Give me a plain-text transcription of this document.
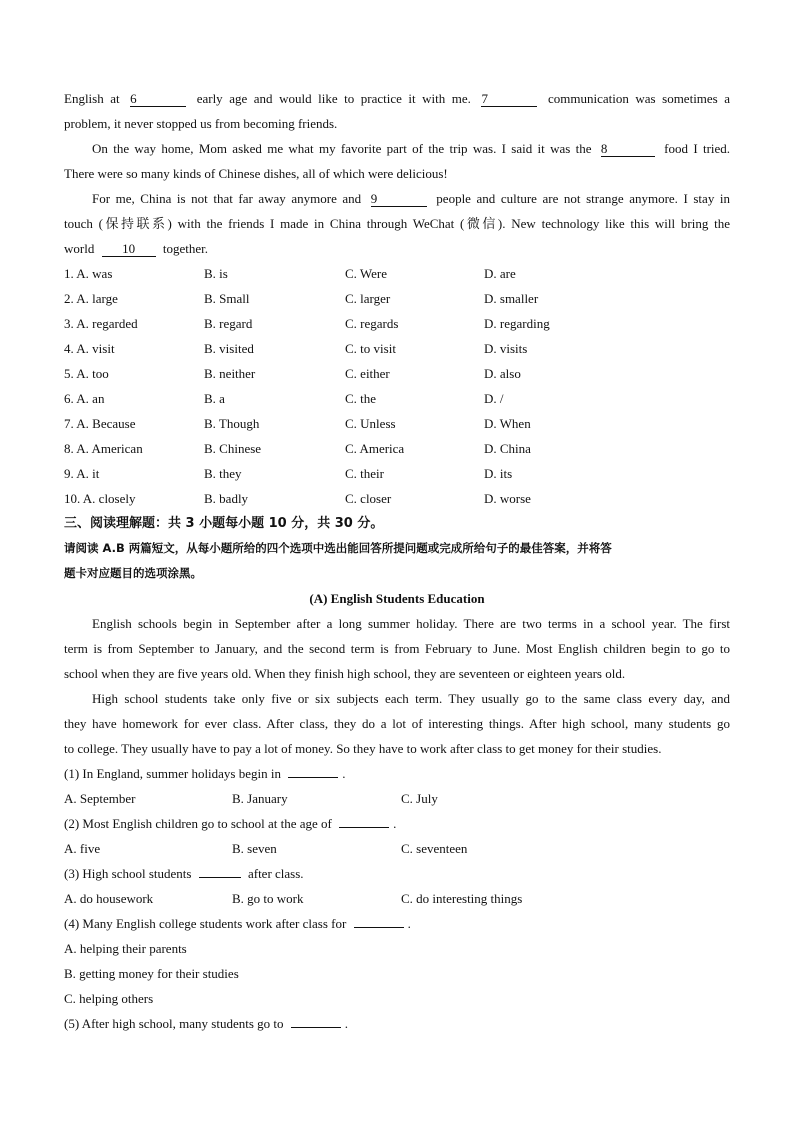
English at 6	early age and would like to practice it with me. 7	communication was sometimes a
problem, it never stopped us from becoming friends.
On the way home, Mom asked me what my favorite part of the trip was. I said it was the 8	food I tried.
There were so many kinds of Chinese dishes, all of which were delicious!
For me, China is not that far away anymore and 9	people and culture are not strange anymore. I stay in
touch (保持联系) with the friends I made in China through WeChat (微信). New technology like this will bring the
world 10 together.
1. A. was	B. is	C. Were	D. are
2. A. large	B. Small	C. larger	D. smaller
3. A. regarded	B. regard	C. regards	D. regarding
4. A. visit	B. visited	C. to visit	D. visits
5. A. too	B. neither	C. either	D. also
6. A. an	B. a	C. the	D. /
7. A. Because	B. Though	C. Unless	D. When
8. A. American	B. Chinese	C. America	D. China
9. A. it	B. they	C. their	D. its
10. A. closely	B. badly	C. closer	D. worse
三、阅读理解题：共 3 小题每小题 10 分，共 30 分。
请阅读 A.B 两篇短文，从每小题所给的四个选项中选出能回答所提问题或完成所给句子的最佳答案，并将答
题卡对应题目的选项涂黑。
(A) English Students Education
English schools begin in September after a long summer holiday. There are two terms in a school year. The first
term is from September to January, and the second term is from February to June. Most English children begin to go to
school when they are five years old. When they finish high school, they are seventeen or eighteen years old.
High school students take only five or six subjects each term. They usually go to the same class every day, and
they have homework for ever class. After class, they do a lot of interesting things. After high school, many students go
to college. They usually have to pay a lot of money. So they have to work after class to get money for their studies.
(1) In England, summer holidays begin in	.
A. September	B. January	C. July
(2) Most English children go to school at the age of	.
A. five	B. seven	C. seventeen
(3) High school students	after class.
A. do housework	B. go to work	C. do interesting things
(4) Many English college students work after class for	.
A. helping their parents
B. getting money for their studies
C. helping others
(5) After high school, many students go to	.
